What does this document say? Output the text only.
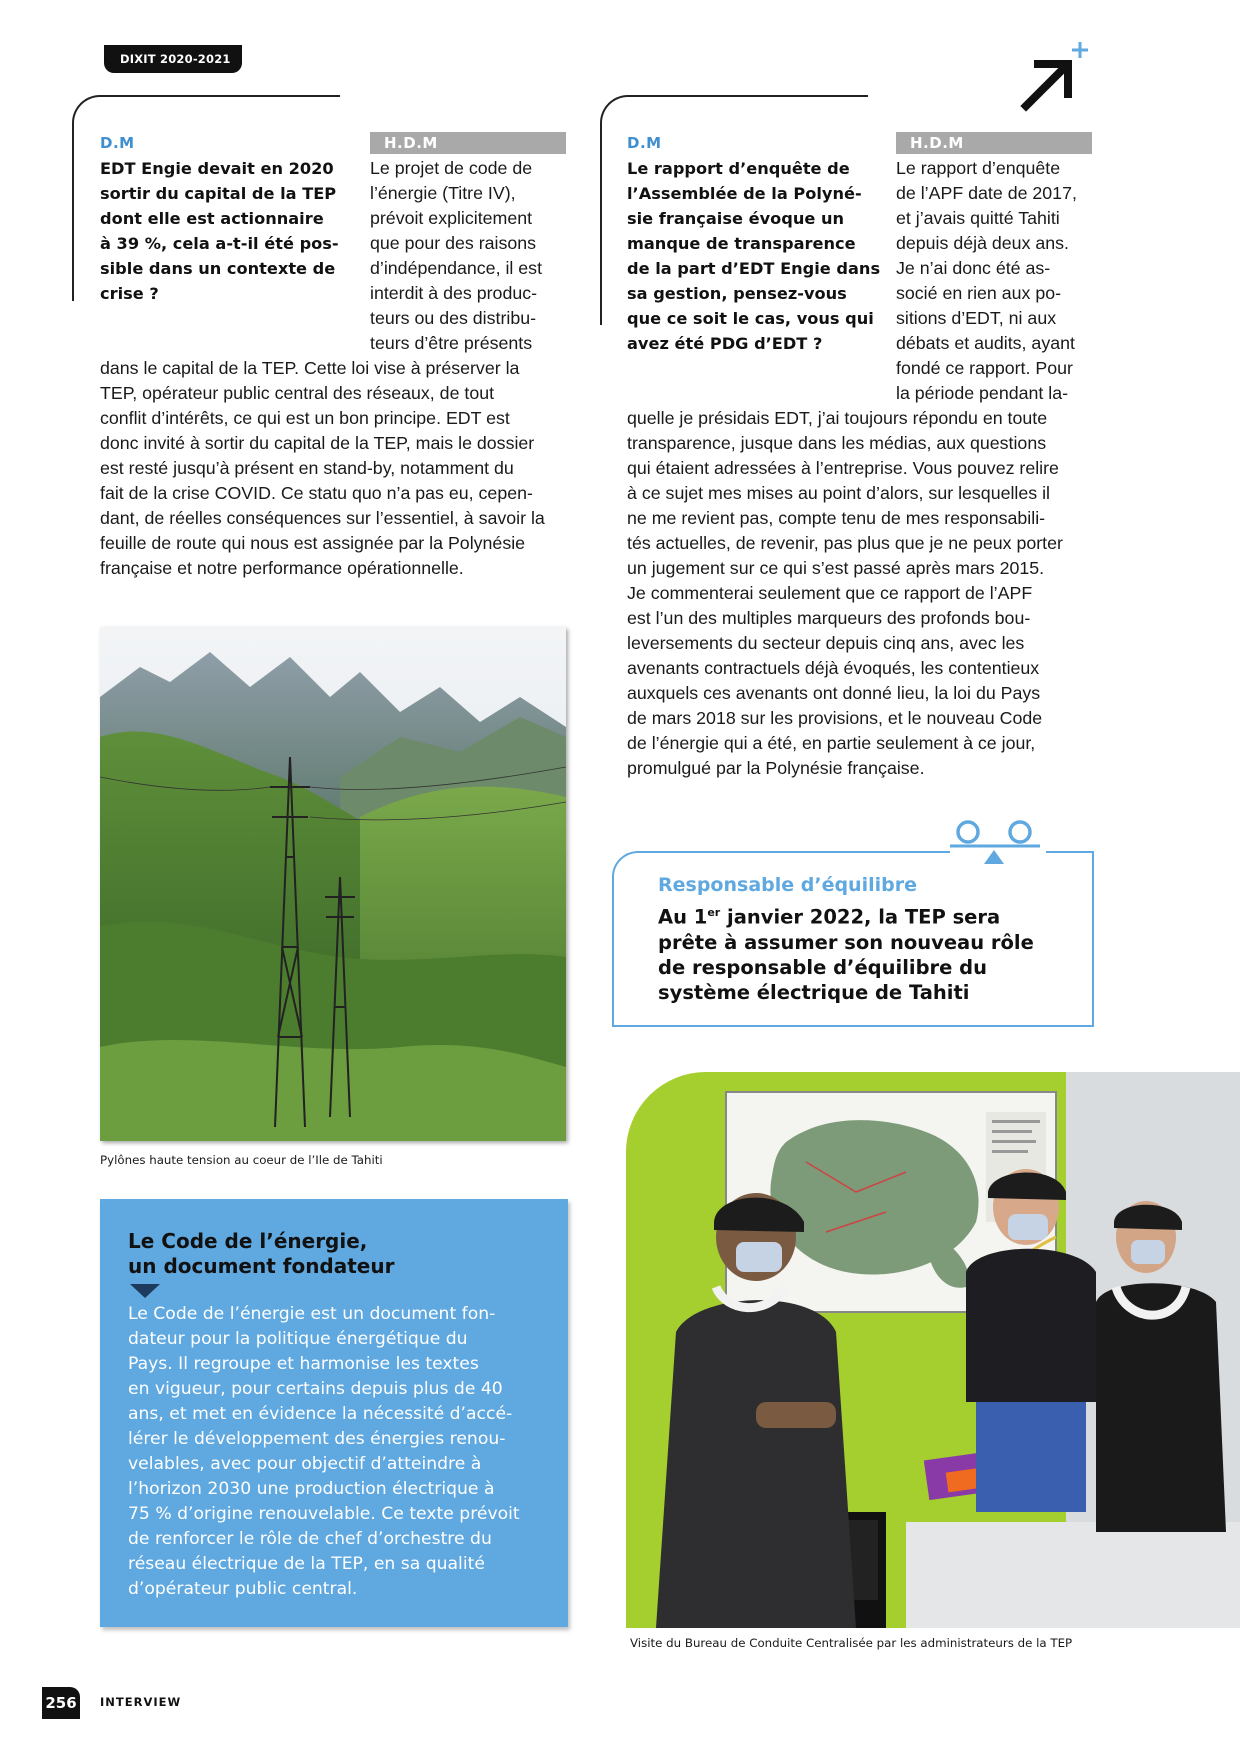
DIXIT 2020-2021
D.M	H.D.M
EDT Engie devait en 2020
sortir du capital de la TEP
dont elle est actionnaire
à 39 %, cela a-t-il été pos-
sible dans un contexte de
crise ?
Le projet de code de
l’énergie (Titre IV),
prévoit explicitement
que pour des raisons
d’indépendance, il est
interdit à des produc-
teurs ou des distribu-
teurs d’être présents
dans le capital de la TEP. Cette loi vise à préserver la
TEP, opérateur public central des réseaux, de tout
conflit d’intérêts, ce qui est un bon principe. EDT est
donc invité à sortir du capital de la TEP, mais le dossier
est resté jusqu’à présent en stand-by, notamment du
fait de la crise COVID. Ce statu quo n’a pas eu, cepen-
dant, de réelles conséquences sur l’essentiel, à savoir la
feuille de route qui nous est assignée par la Polynésie
française et notre performance opérationnelle.
D.M	H.D.M
Le rapport d’enquête de
l’Assemblée de la Polyné-
sie française évoque un
manque de transparence
de la part d’EDT Engie dans
sa gestion, pensez-vous
que ce soit le cas, vous qui
avez été PDG d’EDT ?
Le rapport d’enquête
de l’APF date de 2017,
et j’avais quitté Tahiti
depuis déjà deux ans.
Je n’ai donc été as-
socié en rien aux po-
sitions d’EDT, ni aux
débats et audits, ayant
fondé ce rapport. Pour
la période pendant la-
quelle je présidais EDT, j’ai toujours répondu en toute
transparence, jusque dans les médias, aux questions
qui étaient adressées à l’entreprise. Vous pouvez relire
à ce sujet mes mises au point d’alors, sur lesquelles il
ne me revient pas, compte tenu de mes responsabili-
tés actuelles, de revenir, pas plus que je ne peux porter
un jugement sur ce qui s’est passé après mars 2015.
Je commenterai seulement que ce rapport de l’APF
est l’un des multiples marqueurs des profonds bou-
leversements du secteur depuis cinq ans, avec les
avenants contractuels déjà évoqués, les contentieux
auxquels ces avenants ont donné lieu, la loi du Pays
de mars 2018 sur les provisions, et le nouveau Code
de l’énergie qui a été, en partie seulement à ce jour,
promulgué par la Polynésie française.
Pylônes haute tension au coeur de l’Ile de Tahiti
Le Code de l’énergie,
un document fondateur
Le Code de l’énergie est un document fon-
dateur pour la politique énergétique du
Pays. Il regroupe et harmonise les textes
en vigueur, pour certains depuis plus de 40
ans, et met en évidence la nécessité d’accé-
lérer le développement des énergies renou-
velables, avec pour objectif d’atteindre à
l’horizon 2030 une production électrique à
75 % d’origine renouvelable. Ce texte prévoit
de renforcer le rôle de chef d’orchestre du
réseau électrique de la TEP, en sa qualité
d’opérateur public central.
Responsable d’équilibre
Au 1er janvier 2022, la TEP sera
prête à assumer son nouveau rôle
de responsable d’équilibre du
système électrique de Tahiti
Visite du Bureau de Conduite Centralisée par les administrateurs de la TEP
256 INTERVIEW
